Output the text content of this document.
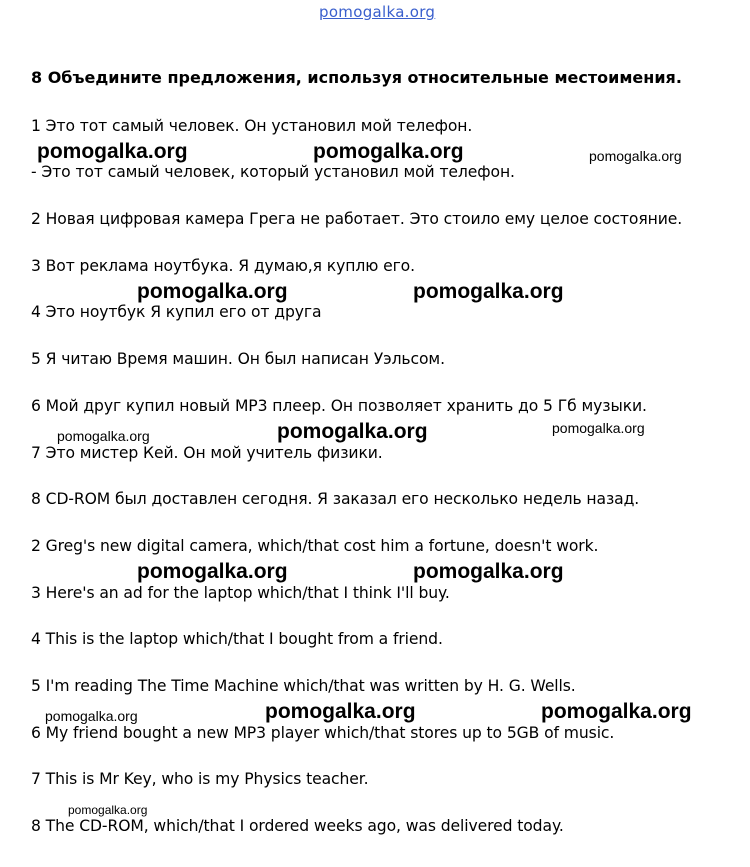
pomogalka.org
8 Объедините предложения, используя относительные местоимения.
1 Это тот самый человек. Он установил мой телефон.
- Это тот самый человек, который установил мой телефон.
2 Новая цифровая камера Грега не работает. Это стоило ему целое состояние.
3 Вот реклама ноутбука. Я думаю,я куплю его.
4 Это ноутбук Я купил его от друга
5 Я читаю Время машин. Он был написан Уэльсом.
6 Мой друг купил новый МР3 плеер. Он позволяет хранить до 5 Гб музыки.
7 Это мистер Кей. Он мой учитель физики.
8 CD-ROM был доставлен сегодня. Я заказал его несколько недель назад.
2 Greg's new digital camera, which/that cost him a fortune, doesn't work.
3 Here's an ad for the laptop which/that I think I'll buy.
4 This is the laptop which/that I bought from a friend.
5 I'm reading The Time Machine which/that was written by H. G. Wells.
6 My friend bought a new MP3 player which/that stores up to 5GB of music.
7 This is Mr Key, who is my Physics teacher.
8 The CD-ROM, which/that I ordered weeks ago, was delivered today.
pomogalka.org	pomogalka.org	pomogalka.org
pomogalka.org	pomogalka.org
pomogalka.org	pomogalka.org	pomogalka.org
pomogalka.org	pomogalka.org
pomogalka.org	pomogalka.org	pomogalka.org
pomogalka.org
